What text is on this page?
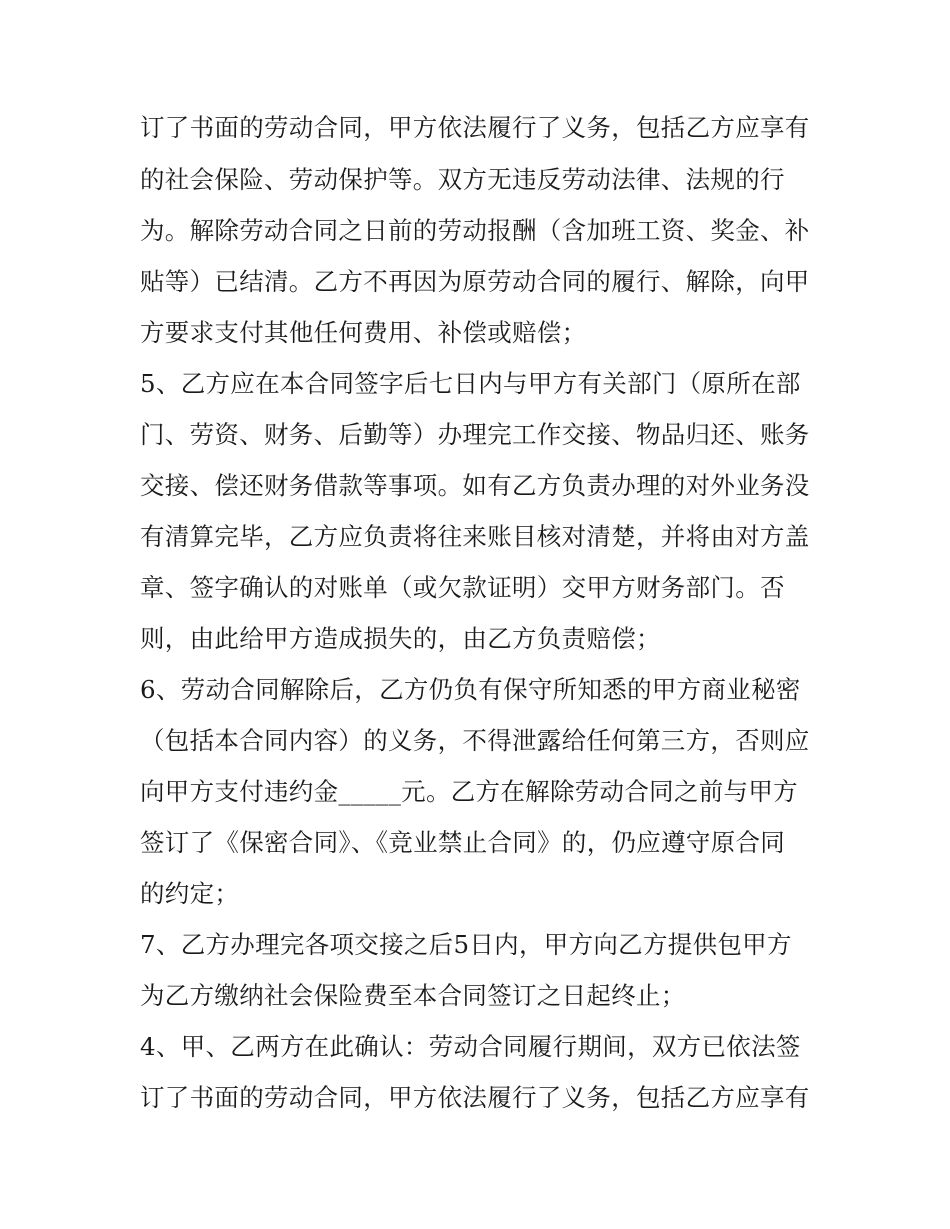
订了书面的劳动合同，甲方依法履行了义务，包括乙方应享有
的社会保险、劳动保护等。双方无违反劳动法律、法规的行
为。解除劳动合同之日前的劳动报酬（含加班工资、奖金、补
贴等）已结清。乙方不再因为原劳动合同的履行、解除，向甲
方要求支付其他任何费用、补偿或赔偿；
5、乙方应在本合同签字后七日内与甲方有关部门（原所在部
门、劳资、财务、后勤等）办理完工作交接、物品归还、账务
交接、偿还财务借款等事项。如有乙方负责办理的对外业务没
有清算完毕，乙方应负责将往来账目核对清楚，并将由对方盖
章、签字确认的对账单（或欠款证明）交甲方财务部门。否
则，由此给甲方造成损失的，由乙方负责赔偿；
6、劳动合同解除后，乙方仍负有保守所知悉的甲方商业秘密
（包括本合同内容）的义务，不得泄露给任何第三方，否则应
向甲方支付违约金_____元。乙方在解除劳动合同之前与甲方
签订了《保密合同》、《竞业禁止合同》的，仍应遵守原合同
的约定；
7、乙方办理完各项交接之后5日内，甲方向乙方提供包甲方
为乙方缴纳社会保险费至本合同签订之日起终止；
4、甲、乙两方在此确认：劳动合同履行期间，双方已依法签
订了书面的劳动合同，甲方依法履行了义务，包括乙方应享有
